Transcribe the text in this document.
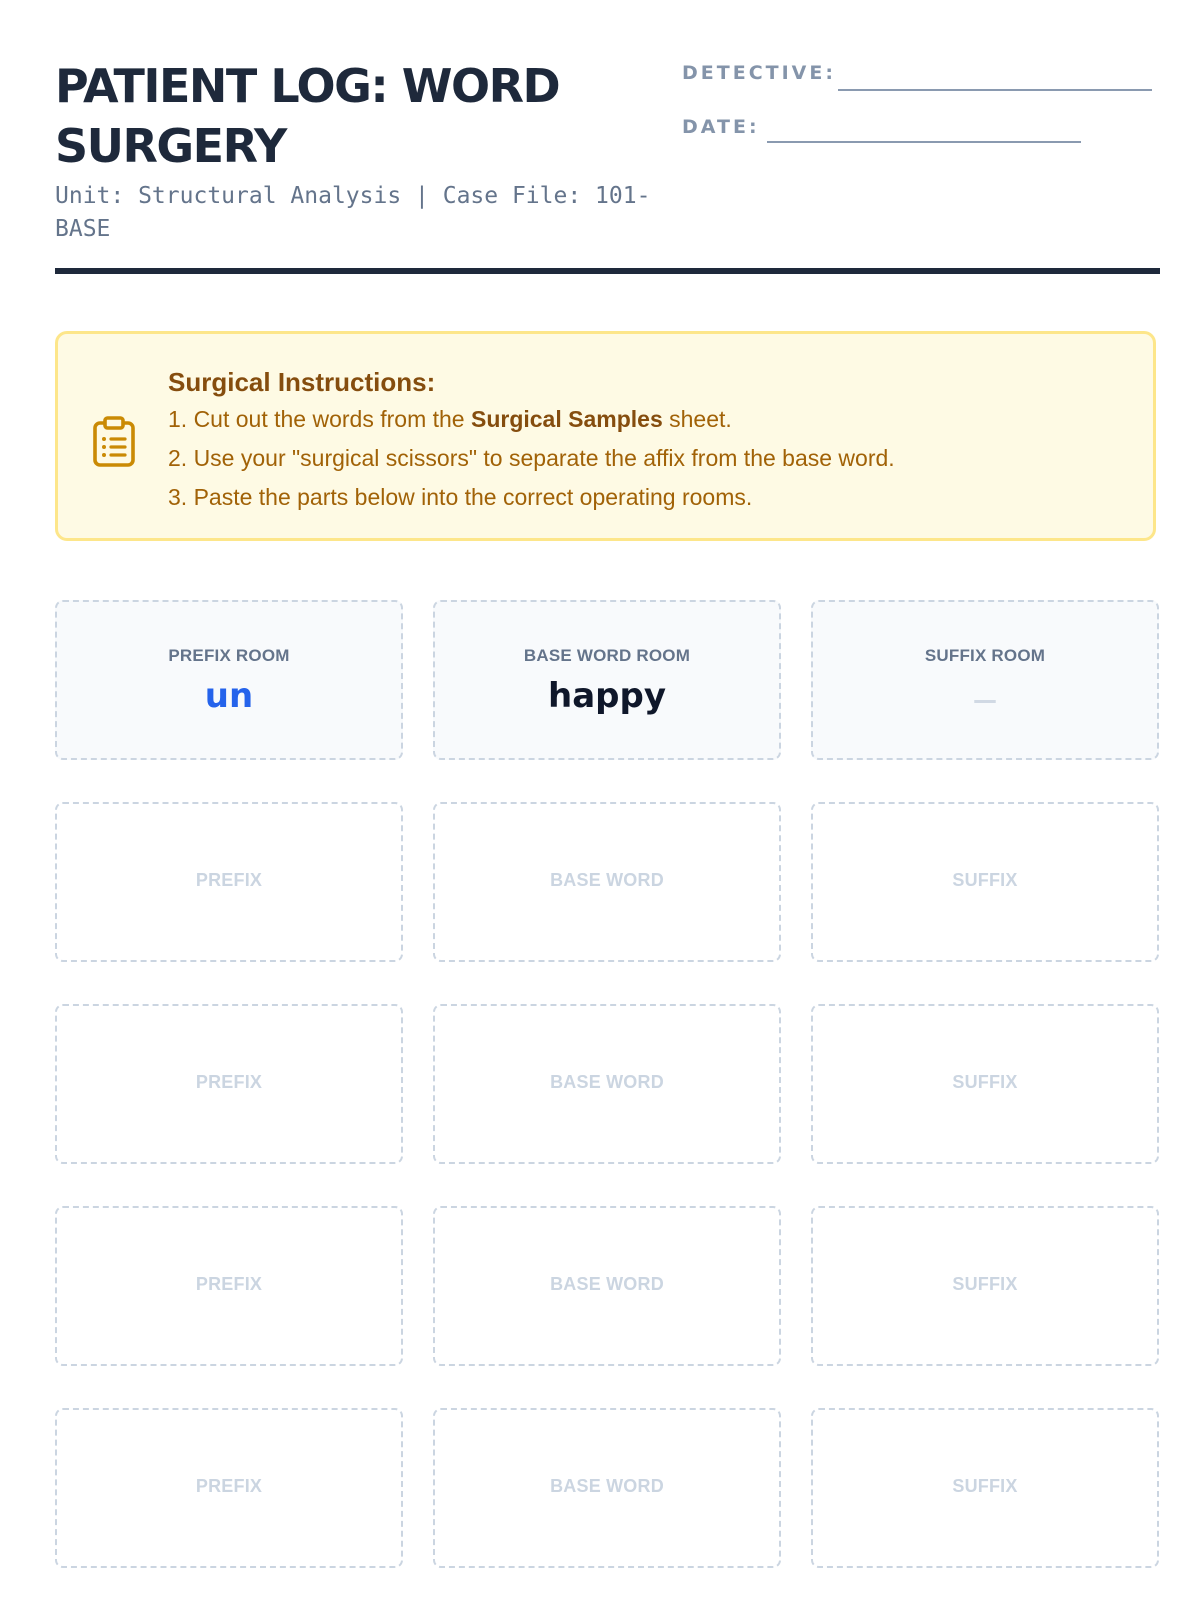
PATIENT LOG: WORD SURGERY
Unit: Structural Analysis | Case File: 101-BASE
DETECTIVE:
DATE:
Surgical Instructions:
1. Cut out the words from the Surgical Samples sheet.
2. Use your "surgical scissors" to separate the affix from the base word.
3. Paste the parts below into the correct operating rooms.
PREFIX ROOM
un
BASE WORD ROOM
happy
SUFFIX ROOM
—
PREFIX	BASE WORD	SUFFIX
PREFIX	BASE WORD	SUFFIX
PREFIX	BASE WORD	SUFFIX
PREFIX	BASE WORD	SUFFIX
